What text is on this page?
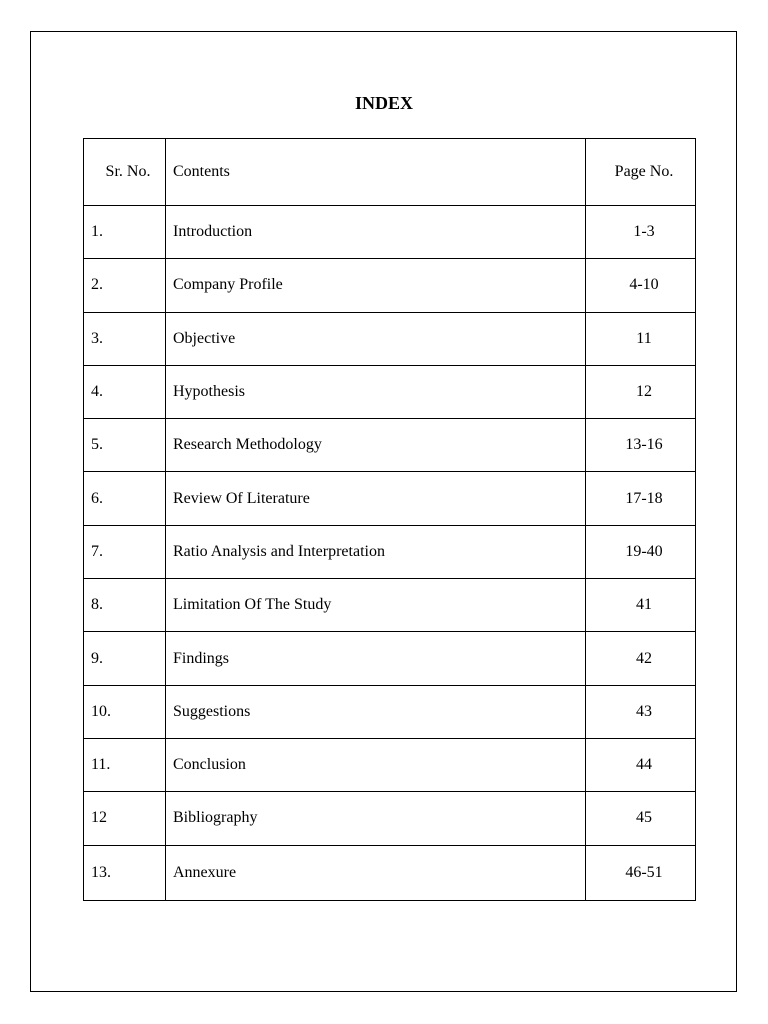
INDEX
Sr. No.	Contents	Page No.
1.	Introduction	1-3
2.	Company Profile	4-10
3.	Objective	11
4.	Hypothesis	12
5.	Research Methodology	13-16
6.	Review Of Literature	17-18
7.	Ratio Analysis and Interpretation	19-40
8.	Limitation Of The Study	41
9.	Findings	42
10.	Suggestions	43
11.	Conclusion	44
12	Bibliography	45
13.	Annexure	46-51
